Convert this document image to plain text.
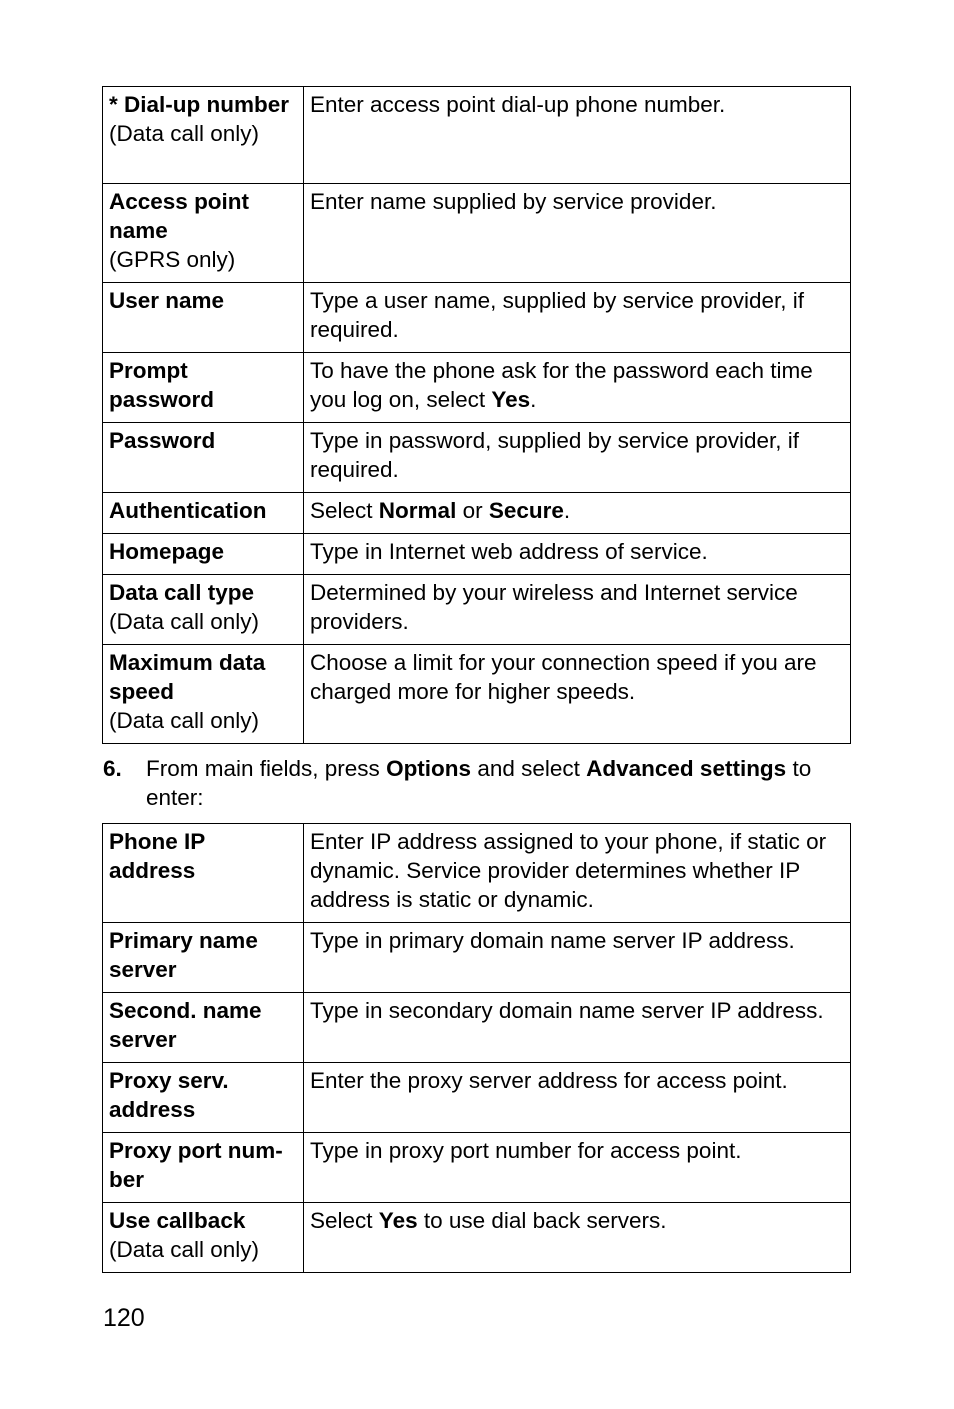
* Dial-up number
(Data call only)	Enter access point dial-up phone number.

Access point name
(GPRS only)	Enter name supplied by service provider.

User name	Type a user name, supplied by service provider, if required.

Prompt password	To have the phone ask for the password each time you log on, select Yes.

Password	Type in password, supplied by service provider, if required.

Authentication	Select Normal or Secure.

Homepage	Type in Internet web address of service.

Data call type
(Data call only)	Determined by your wireless and Internet service providers.

Maximum data speed
(Data call only)	Choose a limit for your connection speed if you are charged more for higher speeds.
6. From main fields, press Options and select Advanced settings to enter:
Phone IP address	Enter IP address assigned to your phone, if static or dynamic. Service provider determines whether IP address is static or dynamic.

Primary name server	Type in primary domain name server IP address.

Second. name server	Type in secondary domain name server IP address.

Proxy serv. address	Enter the proxy server address for access point.

Proxy port num-ber	Type in proxy port number for access point.

Use callback
(Data call only)	Select Yes to use dial back servers.
120
